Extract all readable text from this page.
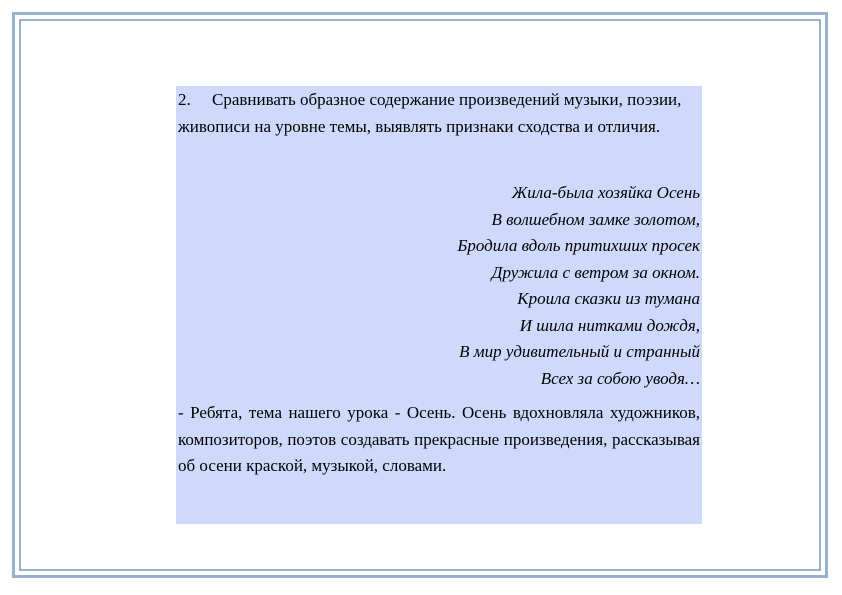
2. Сравнивать образное содержание произведений музыки, поэзии, живописи на уровне темы, выявлять признаки сходства и отличия.

Жила-была хозяйка Осень
В волшебном замке золотом,
Бродила вдоль притихших просек
Дружила с ветром за окном.
Кроила сказки из тумана
И шила нитками дождя,
В мир удивительный и странный
Всех за собою уводя…

- Ребята, тема нашего урока - Осень. Осень вдохновляла художников, композиторов, поэтов создавать прекрасные произведения, рассказывая об осени краской, музыкой, словами.
